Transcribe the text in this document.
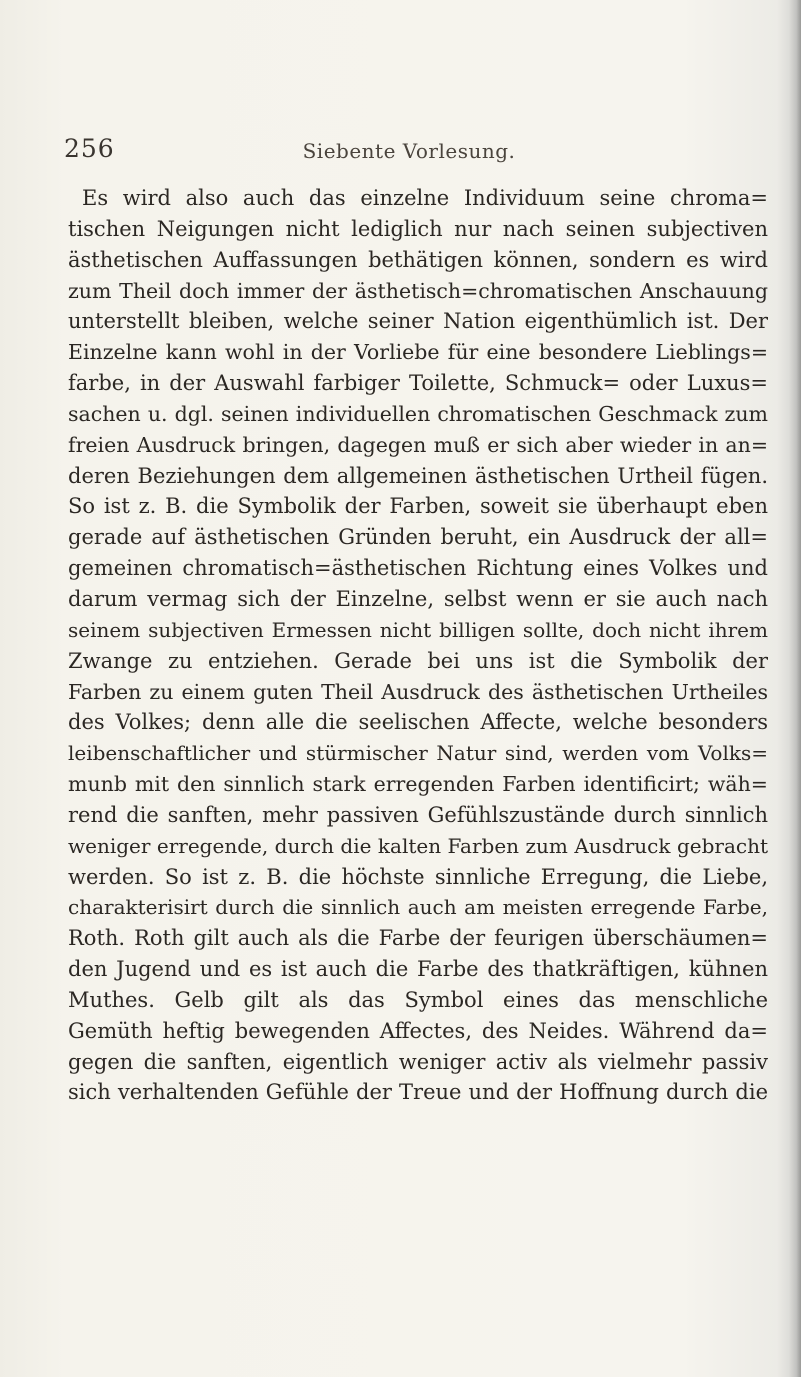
256	Siebente Vorlesung.
Es wird also auch das einzelne Individuum seine chroma=
tischen Neigungen nicht lediglich nur nach seinen subjectiven
ästhetischen Auffassungen bethätigen können, sondern es wird
zum Theil doch immer der ästhetisch=chromatischen Anschauung
unterstellt bleiben, welche seiner Nation eigenthümlich ist. Der
Einzelne kann wohl in der Vorliebe für eine besondere Lieblings=
farbe, in der Auswahl farbiger Toilette, Schmuck= oder Luxus=
sachen u. dgl. seinen individuellen chromatischen Geschmack zum
freien Ausdruck bringen, dagegen muß er sich aber wieder in an=
deren Beziehungen dem allgemeinen ästhetischen Urtheil fügen.
So ist z. B. die Symbolik der Farben, soweit sie überhaupt eben
gerade auf ästhetischen Gründen beruht, ein Ausdruck der all=
gemeinen chromatisch=ästhetischen Richtung eines Volkes und
darum vermag sich der Einzelne, selbst wenn er sie auch nach
seinem subjectiven Ermessen nicht billigen sollte, doch nicht ihrem
Zwange zu entziehen. Gerade bei uns ist die Symbolik der
Farben zu einem guten Theil Ausdruck des ästhetischen Urtheiles
des Volkes; denn alle die seelischen Affecte, welche besonders
leibenschaftlicher und stürmischer Natur sind, werden vom Volks=
munb mit den sinnlich stark erregenden Farben identificirt; wäh=
rend die sanften, mehr passiven Gefühlszustände durch sinnlich
weniger erregende, durch die kalten Farben zum Ausdruck gebracht
werden. So ist z. B. die höchste sinnliche Erregung, die Liebe,
charakterisirt durch die sinnlich auch am meisten erregende Farbe,
Roth. Roth gilt auch als die Farbe der feurigen überschäumen=
den Jugend und es ist auch die Farbe des thatkräftigen, kühnen
Muthes. Gelb gilt als das Symbol eines das menschliche
Gemüth heftig bewegenden Affectes, des Neides. Während da=
gegen die sanften, eigentlich weniger activ als vielmehr passiv
sich verhaltenden Gefühle der Treue und der Hoffnung durch die
